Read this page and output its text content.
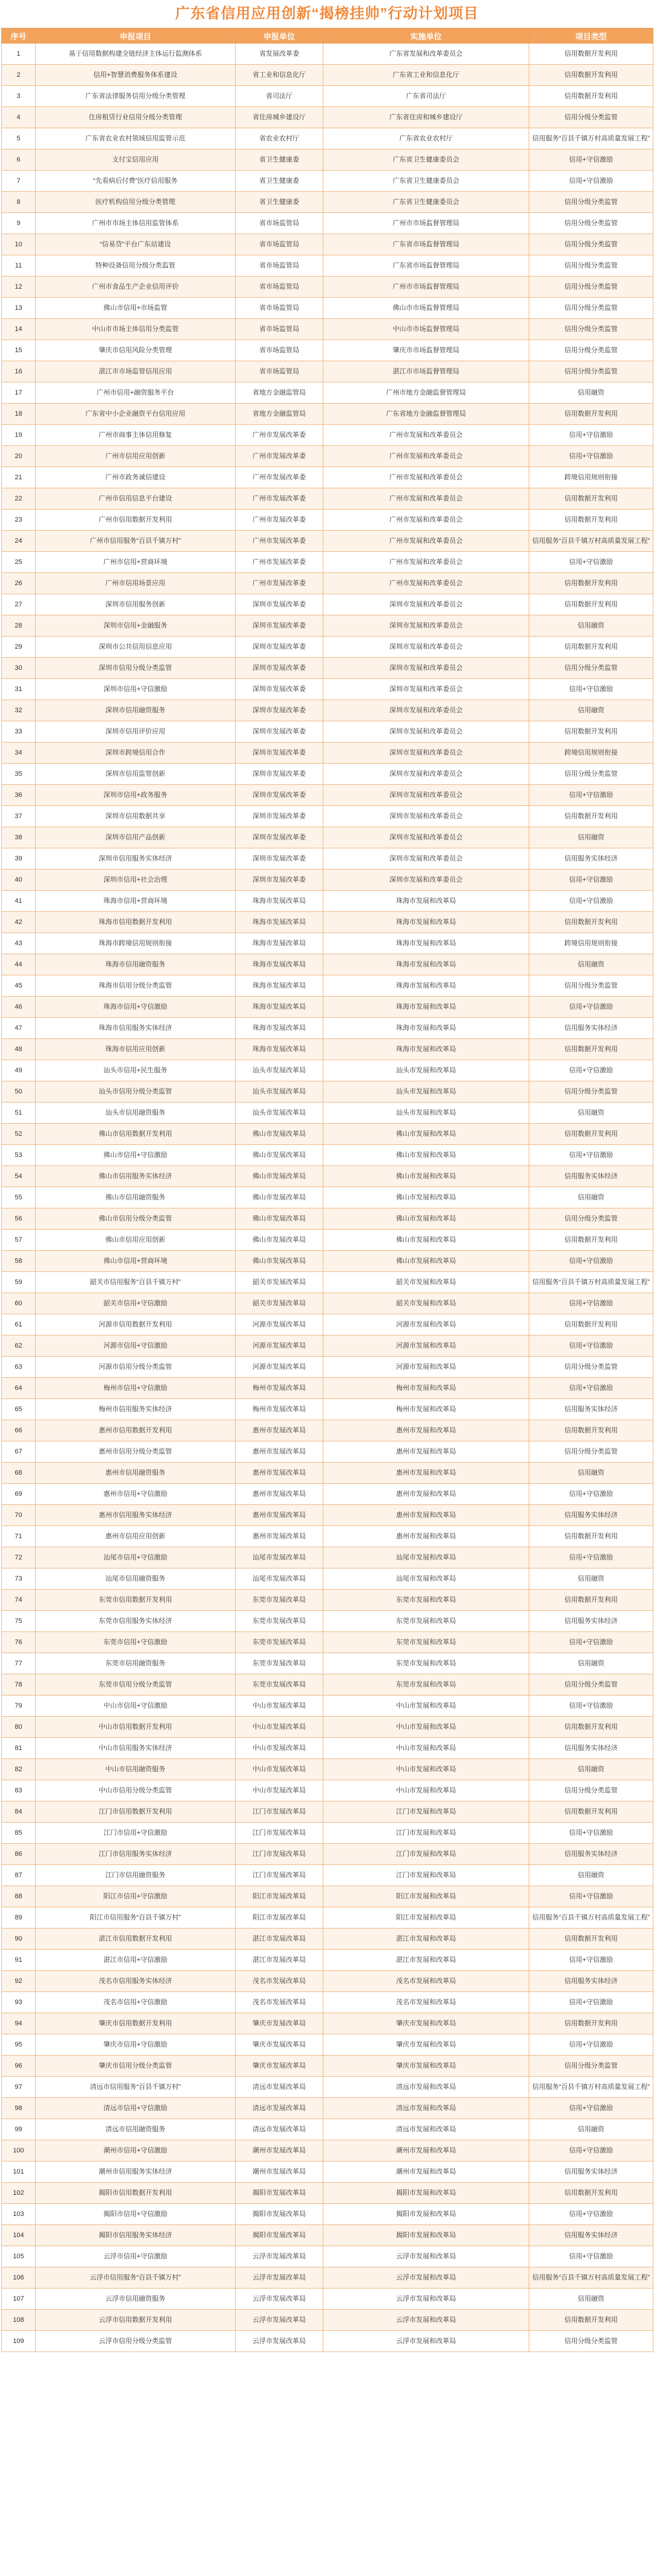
广东省信用应用创新“揭榜挂帅”行动计划项目
序号	申报项目	申报单位	实施单位	项目类型
1	基于信用数据构建全链经济主体运行监测体系	省发展改革委	广东省发展和改革委员会	信用数据开发利用
2	信用+智慧消费服务体系建设	省工业和信息化厅	广东省工业和信息化厅	信用数据开发利用
3	广东省法律服务信用分级分类管理	省司法厅	广东省司法厅	信用数据开发利用
4	住房租赁行业信用分级分类管理	省住房城乡建设厅	广东省住房和城乡建设厅	信用分级分类监管
5	广东省农业农村领域信用监管示范	省农业农村厅	广东省农业农村厅	信用服务“百县千镇万村高质量发展工程”
6	支付宝信用应用	省卫生健康委	广东省卫生健康委员会	信用+守信激励
7	“先看病后付费”医疗信用服务	省卫生健康委	广东省卫生健康委员会	信用+守信激励
8	医疗机构信用分级分类管理	省卫生健康委	广东省卫生健康委员会	信用分级分类监管
9	广州市市场主体信用监管体系	省市场监管局	广州市市场监督管理局	信用分级分类监管
10	“信易贷”平台广东站建设	省市场监管局	广东省市场监督管理局	信用分级分类监管
11	特种设备信用分级分类监管	省市场监管局	广东省市场监督管理局	信用分级分类监管
12	广州市食品生产企业信用评价	省市场监管局	广州市市场监督管理局	信用分级分类监管
13	佛山市信用+市场监管	省市场监管局	佛山市市场监督管理局	信用分级分类监管
14	中山市市场主体信用分类监管	省市场监管局	中山市市场监督管理局	信用分级分类监管
15	肇庆市信用风险分类管理	省市场监管局	肇庆市市场监督管理局	信用分级分类监管
16	湛江市市场监管信用应用	省市场监管局	湛江市市场监督管理局	信用分级分类监管
17	广州市信用+融资服务平台	省地方金融监管局	广州市地方金融监督管理局	信用融资
18	广东省中小企业融资平台信用应用	省地方金融监管局	广东省地方金融监督管理局	信用数据开发利用
19	广州市商事主体信用修复	广州市发展改革委	广州市发展和改革委员会	信用+守信激励
20	广州市信用应用创新	广州市发展改革委	广州市发展和改革委员会	信用+守信激励
21	广州市政务诚信建设	广州市发展改革委	广州市发展和改革委员会	跨境信用规则衔接
22	广州市信用信息平台建设	广州市发展改革委	广州市发展和改革委员会	信用数据开发利用
23	广州市信用数据开发利用	广州市发展改革委	广州市发展和改革委员会	信用数据开发利用
24	广州市信用服务“百县千镇万村”	广州市发展改革委	广州市发展和改革委员会	信用服务“百县千镇万村高质量发展工程”
25	广州市信用+营商环境	广州市发展改革委	广州市发展和改革委员会	信用+守信激励
26	广州市信用场景应用	广州市发展改革委	广州市发展和改革委员会	信用数据开发利用
27	深圳市信用服务创新	深圳市发展改革委	深圳市发展和改革委员会	信用数据开发利用
28	深圳市信用+金融服务	深圳市发展改革委	深圳市发展和改革委员会	信用融资
29	深圳市公共信用信息应用	深圳市发展改革委	深圳市发展和改革委员会	信用数据开发利用
30	深圳市信用分级分类监管	深圳市发展改革委	深圳市发展和改革委员会	信用分级分类监管
31	深圳市信用+守信激励	深圳市发展改革委	深圳市发展和改革委员会	信用+守信激励
32	深圳市信用融资服务	深圳市发展改革委	深圳市发展和改革委员会	信用融资
33	深圳市信用评价应用	深圳市发展改革委	深圳市发展和改革委员会	信用数据开发利用
34	深圳市跨境信用合作	深圳市发展改革委	深圳市发展和改革委员会	跨境信用规则衔接
35	深圳市信用监管创新	深圳市发展改革委	深圳市发展和改革委员会	信用分级分类监管
36	深圳市信用+政务服务	深圳市发展改革委	深圳市发展和改革委员会	信用+守信激励
37	深圳市信用数据共享	深圳市发展改革委	深圳市发展和改革委员会	信用数据开发利用
38	深圳市信用产品创新	深圳市发展改革委	深圳市发展和改革委员会	信用融资
39	深圳市信用服务实体经济	深圳市发展改革委	深圳市发展和改革委员会	信用服务实体经济
40	深圳市信用+社会治理	深圳市发展改革委	深圳市发展和改革委员会	信用+守信激励
41	珠海市信用+营商环境	珠海市发展改革局	珠海市发展和改革局	信用+守信激励
42	珠海市信用数据开发利用	珠海市发展改革局	珠海市发展和改革局	信用数据开发利用
43	珠海市跨境信用规则衔接	珠海市发展改革局	珠海市发展和改革局	跨境信用规则衔接
44	珠海市信用融资服务	珠海市发展改革局	珠海市发展和改革局	信用融资
45	珠海市信用分级分类监管	珠海市发展改革局	珠海市发展和改革局	信用分级分类监管
46	珠海市信用+守信激励	珠海市发展改革局	珠海市发展和改革局	信用+守信激励
47	珠海市信用服务实体经济	珠海市发展改革局	珠海市发展和改革局	信用服务实体经济
48	珠海市信用应用创新	珠海市发展改革局	珠海市发展和改革局	信用数据开发利用
49	汕头市信用+民生服务	汕头市发展改革局	汕头市发展和改革局	信用+守信激励
50	汕头市信用分级分类监管	汕头市发展改革局	汕头市发展和改革局	信用分级分类监管
51	汕头市信用融资服务	汕头市发展改革局	汕头市发展和改革局	信用融资
52	佛山市信用数据开发利用	佛山市发展改革局	佛山市发展和改革局	信用数据开发利用
53	佛山市信用+守信激励	佛山市发展改革局	佛山市发展和改革局	信用+守信激励
54	佛山市信用服务实体经济	佛山市发展改革局	佛山市发展和改革局	信用服务实体经济
55	佛山市信用融资服务	佛山市发展改革局	佛山市发展和改革局	信用融资
56	佛山市信用分级分类监管	佛山市发展改革局	佛山市发展和改革局	信用分级分类监管
57	佛山市信用应用创新	佛山市发展改革局	佛山市发展和改革局	信用数据开发利用
58	佛山市信用+营商环境	佛山市发展改革局	佛山市发展和改革局	信用+守信激励
59	韶关市信用服务“百县千镇万村”	韶关市发展改革局	韶关市发展和改革局	信用服务“百县千镇万村高质量发展工程”
60	韶关市信用+守信激励	韶关市发展改革局	韶关市发展和改革局	信用+守信激励
61	河源市信用数据开发利用	河源市发展改革局	河源市发展和改革局	信用数据开发利用
62	河源市信用+守信激励	河源市发展改革局	河源市发展和改革局	信用+守信激励
63	河源市信用分级分类监管	河源市发展改革局	河源市发展和改革局	信用分级分类监管
64	梅州市信用+守信激励	梅州市发展改革局	梅州市发展和改革局	信用+守信激励
65	梅州市信用服务实体经济	梅州市发展改革局	梅州市发展和改革局	信用服务实体经济
66	惠州市信用数据开发利用	惠州市发展改革局	惠州市发展和改革局	信用数据开发利用
67	惠州市信用分级分类监管	惠州市发展改革局	惠州市发展和改革局	信用分级分类监管
68	惠州市信用融资服务	惠州市发展改革局	惠州市发展和改革局	信用融资
69	惠州市信用+守信激励	惠州市发展改革局	惠州市发展和改革局	信用+守信激励
70	惠州市信用服务实体经济	惠州市发展改革局	惠州市发展和改革局	信用服务实体经济
71	惠州市信用应用创新	惠州市发展改革局	惠州市发展和改革局	信用数据开发利用
72	汕尾市信用+守信激励	汕尾市发展改革局	汕尾市发展和改革局	信用+守信激励
73	汕尾市信用融资服务	汕尾市发展改革局	汕尾市发展和改革局	信用融资
74	东莞市信用数据开发利用	东莞市发展改革局	东莞市发展和改革局	信用数据开发利用
75	东莞市信用服务实体经济	东莞市发展改革局	东莞市发展和改革局	信用服务实体经济
76	东莞市信用+守信激励	东莞市发展改革局	东莞市发展和改革局	信用+守信激励
77	东莞市信用融资服务	东莞市发展改革局	东莞市发展和改革局	信用融资
78	东莞市信用分级分类监管	东莞市发展改革局	东莞市发展和改革局	信用分级分类监管
79	中山市信用+守信激励	中山市发展改革局	中山市发展和改革局	信用+守信激励
80	中山市信用数据开发利用	中山市发展改革局	中山市发展和改革局	信用数据开发利用
81	中山市信用服务实体经济	中山市发展改革局	中山市发展和改革局	信用服务实体经济
82	中山市信用融资服务	中山市发展改革局	中山市发展和改革局	信用融资
83	中山市信用分级分类监管	中山市发展改革局	中山市发展和改革局	信用分级分类监管
84	江门市信用数据开发利用	江门市发展改革局	江门市发展和改革局	信用数据开发利用
85	江门市信用+守信激励	江门市发展改革局	江门市发展和改革局	信用+守信激励
86	江门市信用服务实体经济	江门市发展改革局	江门市发展和改革局	信用服务实体经济
87	江门市信用融资服务	江门市发展改革局	江门市发展和改革局	信用融资
88	阳江市信用+守信激励	阳江市发展改革局	阳江市发展和改革局	信用+守信激励
89	阳江市信用服务“百县千镇万村”	阳江市发展改革局	阳江市发展和改革局	信用服务“百县千镇万村高质量发展工程”
90	湛江市信用数据开发利用	湛江市发展改革局	湛江市发展和改革局	信用数据开发利用
91	湛江市信用+守信激励	湛江市发展改革局	湛江市发展和改革局	信用+守信激励
92	茂名市信用服务实体经济	茂名市发展改革局	茂名市发展和改革局	信用服务实体经济
93	茂名市信用+守信激励	茂名市发展改革局	茂名市发展和改革局	信用+守信激励
94	肇庆市信用数据开发利用	肇庆市发展改革局	肇庆市发展和改革局	信用数据开发利用
95	肇庆市信用+守信激励	肇庆市发展改革局	肇庆市发展和改革局	信用+守信激励
96	肇庆市信用分级分类监管	肇庆市发展改革局	肇庆市发展和改革局	信用分级分类监管
97	清远市信用服务“百县千镇万村”	清远市发展改革局	清远市发展和改革局	信用服务“百县千镇万村高质量发展工程”
98	清远市信用+守信激励	清远市发展改革局	清远市发展和改革局	信用+守信激励
99	清远市信用融资服务	清远市发展改革局	清远市发展和改革局	信用融资
100	潮州市信用+守信激励	潮州市发展改革局	潮州市发展和改革局	信用+守信激励
101	潮州市信用服务实体经济	潮州市发展改革局	潮州市发展和改革局	信用服务实体经济
102	揭阳市信用数据开发利用	揭阳市发展改革局	揭阳市发展和改革局	信用数据开发利用
103	揭阳市信用+守信激励	揭阳市发展改革局	揭阳市发展和改革局	信用+守信激励
104	揭阳市信用服务实体经济	揭阳市发展改革局	揭阳市发展和改革局	信用服务实体经济
105	云浮市信用+守信激励	云浮市发展改革局	云浮市发展和改革局	信用+守信激励
106	云浮市信用服务“百县千镇万村”	云浮市发展改革局	云浮市发展和改革局	信用服务“百县千镇万村高质量发展工程”
107	云浮市信用融资服务	云浮市发展改革局	云浮市发展和改革局	信用融资
108	云浮市信用数据开发利用	云浮市发展改革局	云浮市发展和改革局	信用数据开发利用
109	云浮市信用分级分类监管	云浮市发展改革局	云浮市发展和改革局	信用分级分类监管
